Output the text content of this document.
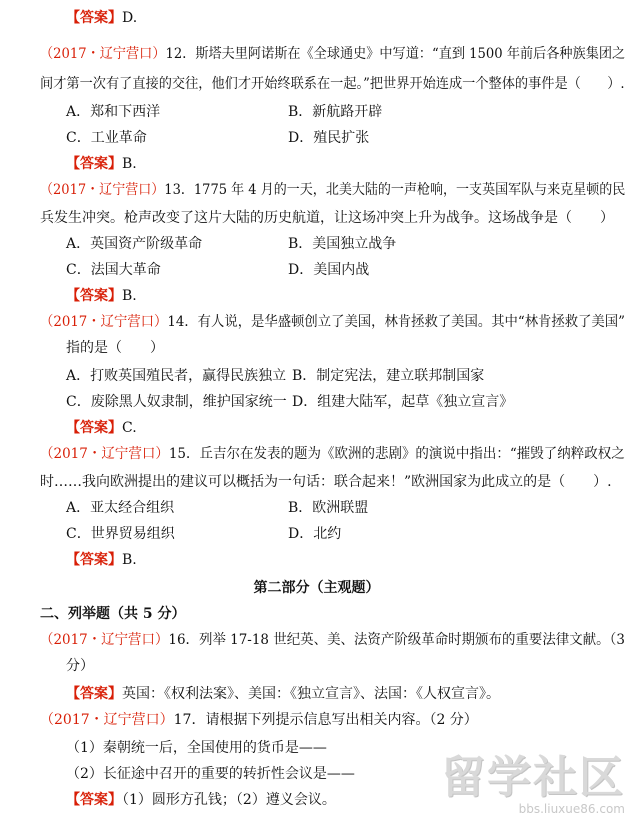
【答案】D.
（2017・辽宁营口）12．斯塔夫里阿诺斯在《全球通史》中写道：“直到 1500 年前后各种族集团之
间才第一次有了直接的交往，他们才开始终联系在一起。”把世界开始连成一个整体的事件是（　　）.
A．郑和下西洋	B．新航路开辟
C．工业革命	D．殖民扩张
【答案】B.
（2017・辽宁营口）13．1775 年 4 月的一天，北美大陆的一声枪响，一支英国军队与来克星顿的民
兵发生冲突。枪声改变了这片大陆的历史航道，让这场冲突上升为战争。这场战争是（　　）
A．英国资产阶级革命	B．美国独立战争
C．法国大革命	D．美国内战
【答案】B.
（2017・辽宁营口）14．有人说，是华盛顿创立了美国，林肯拯救了美国。其中“林肯拯救了美国”
指的是（　　）
A．打败英国殖民者，赢得民族独立 B．制定宪法，建立联邦制国家
C．废除黑人奴隶制，维护国家统一 D．组建大陆军，起草《独立宣言》
【答案】C.
（2017・辽宁营口）15．丘吉尔在发表的题为《欧洲的悲剧》的演说中指出：“摧毁了纳粹政权之
时……我向欧洲提出的建议可以概括为一句话：联合起来！”欧洲国家为此成立的是（　　）.
A．亚太经合组织	B．欧洲联盟
C．世界贸易组织	D．北约
【答案】B.
第二部分（主观题）
二、列举题（共 5 分）
（2017・辽宁营口）16．列举 17-18 世纪英、美、法资产阶级革命时期颁布的重要法律文献。（3
分）
【答案】英国：《权利法案》、美国：《独立宣言》、法国：《人权宣言》。
（2017・辽宁营口）17．请根据下列提示信息写出相关内容。（2 分）
（1）秦朝统一后，全国使用的货币是——
（2）长征途中召开的重要的转折性会议是——
【答案】（1）圆形方孔钱；（2）遵义会议。 留学社区
bbs.liuxue86.com
